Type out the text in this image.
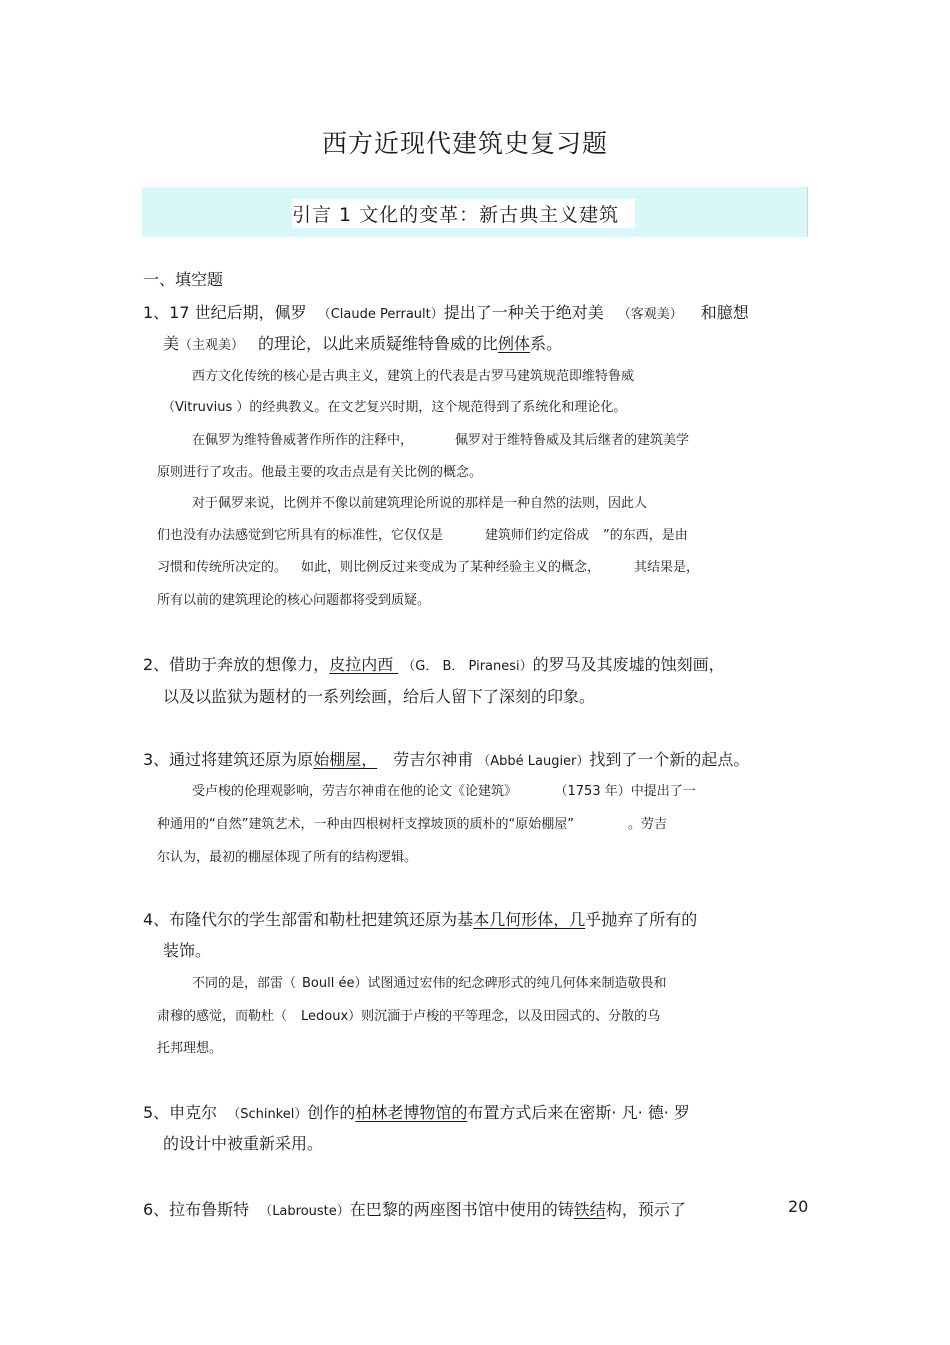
西方近现代建筑史复习题
引言 1 文化的变革：新古典主义建筑
一、填空题
1、17 世纪后期，佩罗 （Claude Perrault）提出了一种关于绝对美 （客观美） 和臆想
美（主观美） 的理论，以此来质疑维特鲁威的比例体系。
西方文化传统的核心是古典主义，建筑上的代表是古罗马建筑规范即维特鲁威
（Vitruvius ）的经典教义。在文艺复兴时期，这个规范得到了系统化和理论化。
在佩罗为维特鲁威著作所作的注释中，	佩罗对于维特鲁威及其后继者的建筑美学
原则进行了攻击。他最主要的攻击点是有关比例的概念。
对于佩罗来说，比例并不像以前建筑理论所说的那样是一种自然的法则，因此人
们也没有办法感觉到它所具有的标准性，它仅仅是	建筑师们约定俗成 ”的东西，是由
习惯和传统所决定的。 如此，则比例反过来变成为了某种经验主义的概念，	其结果是，
所有以前的建筑理论的核心问题都将受到质疑。
2、借助于奔放的想像力，皮拉内西 （G． B． Piranesi）的罗马及其废墟的蚀刻画，
以及以监狱为题材的一系列绘画，给后人留下了深刻的印象。
3、通过将建筑还原为原始棚屋， 劳吉尔神甫 （Abbé Laugier）找到了一个新的起点。
受卢梭的伦理观影响，劳吉尔神甫在他的论文《论建筑》	（1753 年）中提出了一
种通用的“自然”建筑艺术，一种由四根树杆支撑坡顶的质朴的“原始棚屋”	。劳吉
尔认为，最初的棚屋体现了所有的结构逻辑。
4、布隆代尔的学生部雷和勒杜把建筑还原为基本几何形体，几乎抛弃了所有的
装饰。
不同的是，部雷（ Boull ée）试图通过宏伟的纪念碑形式的纯几何体来制造敬畏和
肃穆的感觉，而勒杜（ Ledoux）则沉湎于卢梭的平等理念，以及田园式的、分散的乌
托邦理想。
5、申克尔 （Schinkel）创作的柏林老博物馆的布置方式后来在密斯· 凡· 德· 罗
的设计中被重新采用。
6、拉布鲁斯特 （Labrouste）在巴黎的两座图书馆中使用的铸铁结构，预示了	20
